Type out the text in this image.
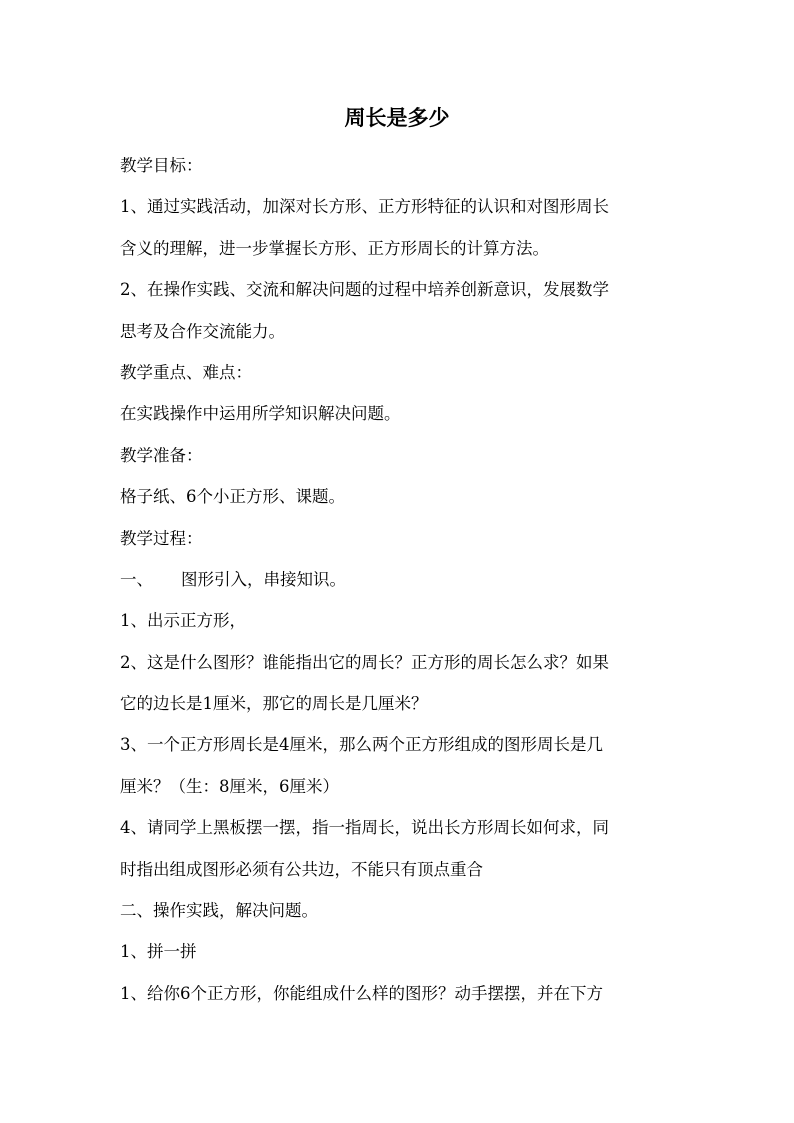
周长是多少

教学目标：

1、通过实践活动，加深对长方形、正方形特征的认识和对图形周长

含义的理解，进一步掌握长方形、正方形周长的计算方法。

2、在操作实践、交流和解决问题的过程中培养创新意识，发展数学

思考及合作交流能力。

教学重点、难点：

在实践操作中运用所学知识解决问题。

教学准备：

格子纸、6个小正方形、课题。

教学过程：

一、 图形引入，串接知识。

1、出示正方形，

2、这是什么图形？谁能指出它的周长？正方形的周长怎么求？如果

它的边长是1厘米，那它的周长是几厘米？

3、一个正方形周长是4厘米，那么两个正方形组成的图形周长是几

厘米？（生：8厘米，6厘米）

4、请同学上黑板摆一摆，指一指周长，说出长方形周长如何求，同

时指出组成图形必须有公共边，不能只有顶点重合

二、操作实践，解决问题。

1、拼一拼

1、给你6个正方形，你能组成什么样的图形？动手摆摆，并在下方
